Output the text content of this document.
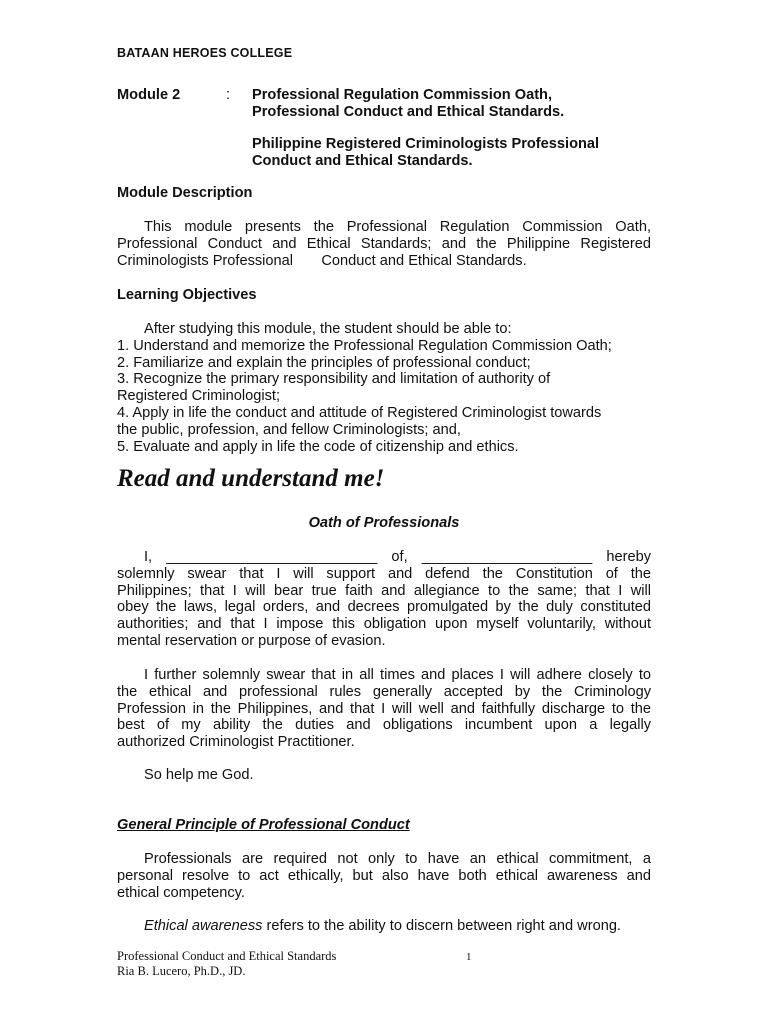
BATAAN HEROES COLLEGE
Module 2	: Professional Regulation Commission Oath,
Professional Conduct and Ethical Standards.
Philippine Registered Criminologists Professional
Conduct and Ethical Standards.
Module Description
This module presents the Professional Regulation Commission Oath,
Professional Conduct and Ethical Standards; and the Philippine Registered
Criminologists Professional       Conduct and Ethical Standards.
Learning Objectives
After studying this module, the student should be able to:
1. Understand and memorize the Professional Regulation Commission Oath;
2. Familiarize and explain the principles of professional conduct;
3. Recognize the primary responsibility and limitation of authority of
Registered Criminologist;
4. Apply in life the conduct and attitude of Registered Criminologist towards
the public, profession, and fellow Criminologists; and,
5. Evaluate and apply in life the code of citizenship and ethics.
Read and understand me!
Oath of Professionals
I, __________________________ of, _____________________ hereby
solemnly swear that I will support and defend the Constitution of the
Philippines; that I will bear true faith and allegiance to the same; that I will
obey the laws, legal orders, and decrees promulgated by the duly constituted
authorities; and that I impose this obligation upon myself voluntarily, without
mental reservation or purpose of evasion.
I further solemnly swear that in all times and places I will adhere closely to
the ethical and professional rules generally accepted by the Criminology
Profession in the Philippines, and that I will well and faithfully discharge to the
best of my ability the duties and obligations incumbent upon a legally
authorized Criminologist Practitioner.
So help me God.
General Principle of Professional Conduct
Professionals are required not only to have an ethical commitment, a
personal resolve to act ethically, but also have both ethical awareness and
ethical competency.
Ethical awareness refers to the ability to discern between right and wrong.
Professional Conduct and Ethical Standards
Ria B. Lucero, Ph.D., JD.
1
